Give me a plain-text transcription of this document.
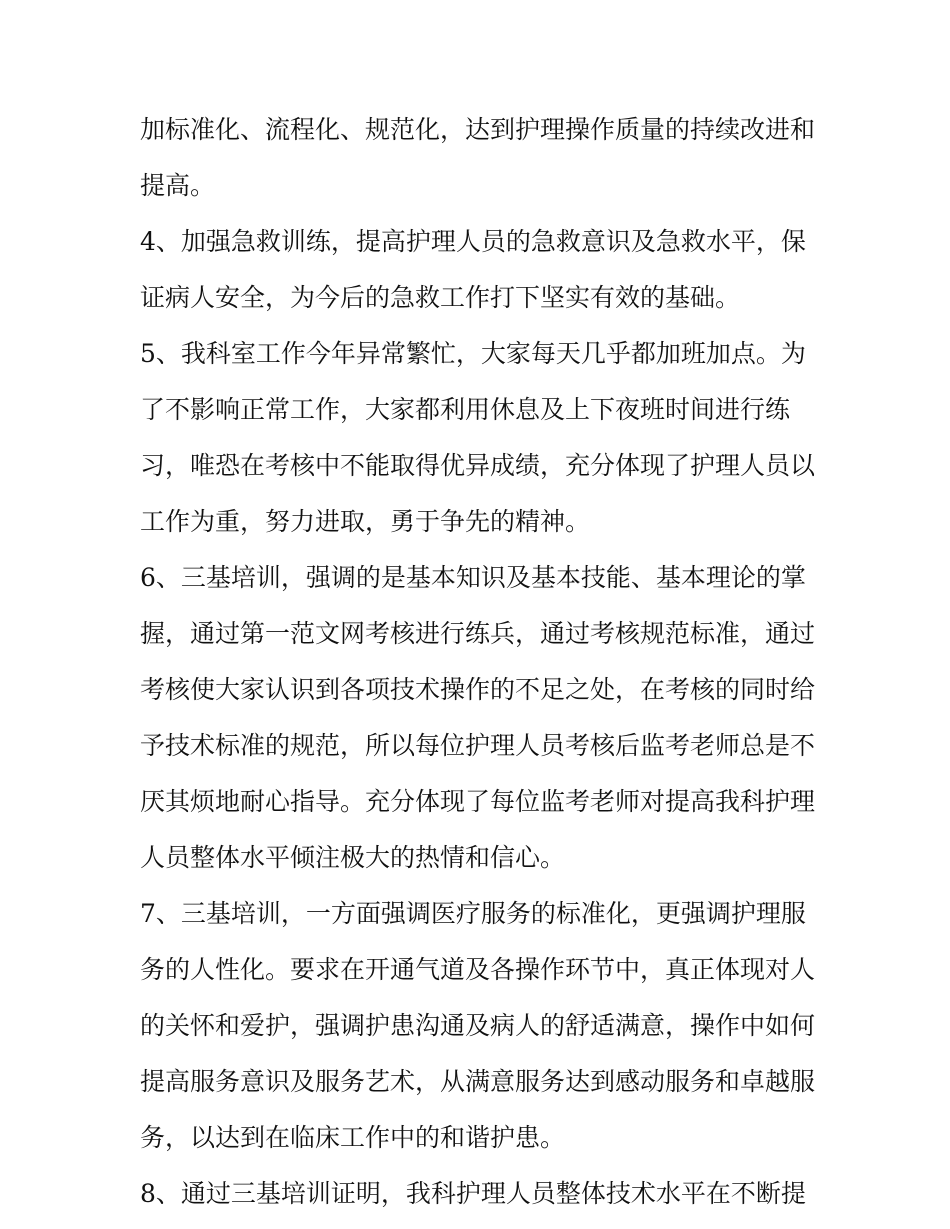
加标准化、流程化、规范化，达到护理操作质量的持续改进和
提高。
4、加强急救训练，提高护理人员的急救意识及急救水平，保
证病人安全，为今后的急救工作打下坚实有效的基础。
5、我科室工作今年异常繁忙，大家每天几乎都加班加点。为
了不影响正常工作，大家都利用休息及上下夜班时间进行练
习，唯恐在考核中不能取得优异成绩，充分体现了护理人员以
工作为重，努力进取，勇于争先的精神。
6、三基培训，强调的是基本知识及基本技能、基本理论的掌
握，通过第一范文网考核进行练兵，通过考核规范标准，通过
考核使大家认识到各项技术操作的不足之处，在考核的同时给
予技术标准的规范，所以每位护理人员考核后监考老师总是不
厌其烦地耐心指导。充分体现了每位监考老师对提高我科护理
人员整体水平倾注极大的热情和信心。
7、三基培训，一方面强调医疗服务的标准化，更强调护理服
务的人性化。要求在开通气道及各操作环节中，真正体现对人
的关怀和爱护，强调护患沟通及病人的舒适满意，操作中如何
提高服务意识及服务艺术，从满意服务达到感动服务和卓越服
务，以达到在临床工作中的和谐护患。
8、通过三基培训证明，我科护理人员整体技术水平在不断提
